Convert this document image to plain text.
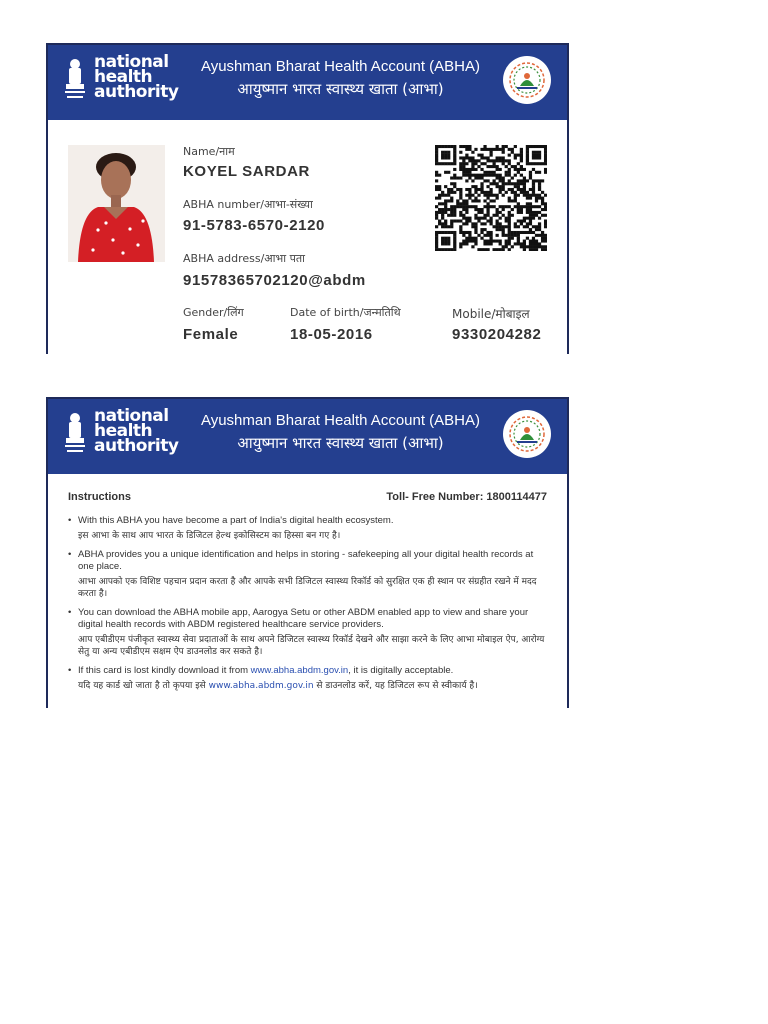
national
health
authority
Ayushman Bharat Health Account (ABHA)
आयुष्मान भारत स्वास्थ्य खाता (आभा)
Name/नाम
KOYEL SARDAR
ABHA number/आभा-संख्या
91-5783-6570-2120
ABHA address/आभा पता
91578365702120@abdm
Gender/लिंग
Female
Date of birth/जन्मतिथि
18-05-2016
Mobile/मोबाइल
9330204282
national
health
authority
Ayushman Bharat Health Account (ABHA)
आयुष्मान भारत स्वास्थ्य खाता (आभा)
Instructions	Toll- Free Number: 1800114477
• With this ABHA you have become a part of India's digital health ecosystem.
इस आभा के साथ आप भारत के डिजिटल हेल्थ इकोसिस्टम का हिस्सा बन गए है।
• ABHA provides you a unique identification and helps in storing - safekeeping all your digital health records at one place.
आभा आपको एक विशिष्ट पहचान प्रदान करता है और आपके सभी डिजिटल स्वास्थ्य रिकॉर्ड को सुरक्षित एक ही स्थान पर संग्रहीत रखने में मदद करता है।
• You can download the ABHA mobile app, Aarogya Setu or other ABDM enabled app to view and share your digital health records with ABDM registered healthcare service providers.
आप एबीडीएम पंजीकृत स्वास्थ्य सेवा प्रदाताओं के साथ अपने डिजिटल स्वास्थ्य रिकॉर्ड देखने और साझा करने के लिए आभा मोबाइल ऐप, आरोग्य सेतु या अन्य एबीडीएम सक्षम ऐप डाउनलोड कर सकते है।
• If this card is lost kindly download it from www.abha.abdm.gov.in, it is digitally acceptable.
यदि यह कार्ड खो जाता है तो कृपया इसे www.abha.abdm.gov.in से डाउनलोड करें, यह डिजिटल रूप से स्वीकार्य है।
